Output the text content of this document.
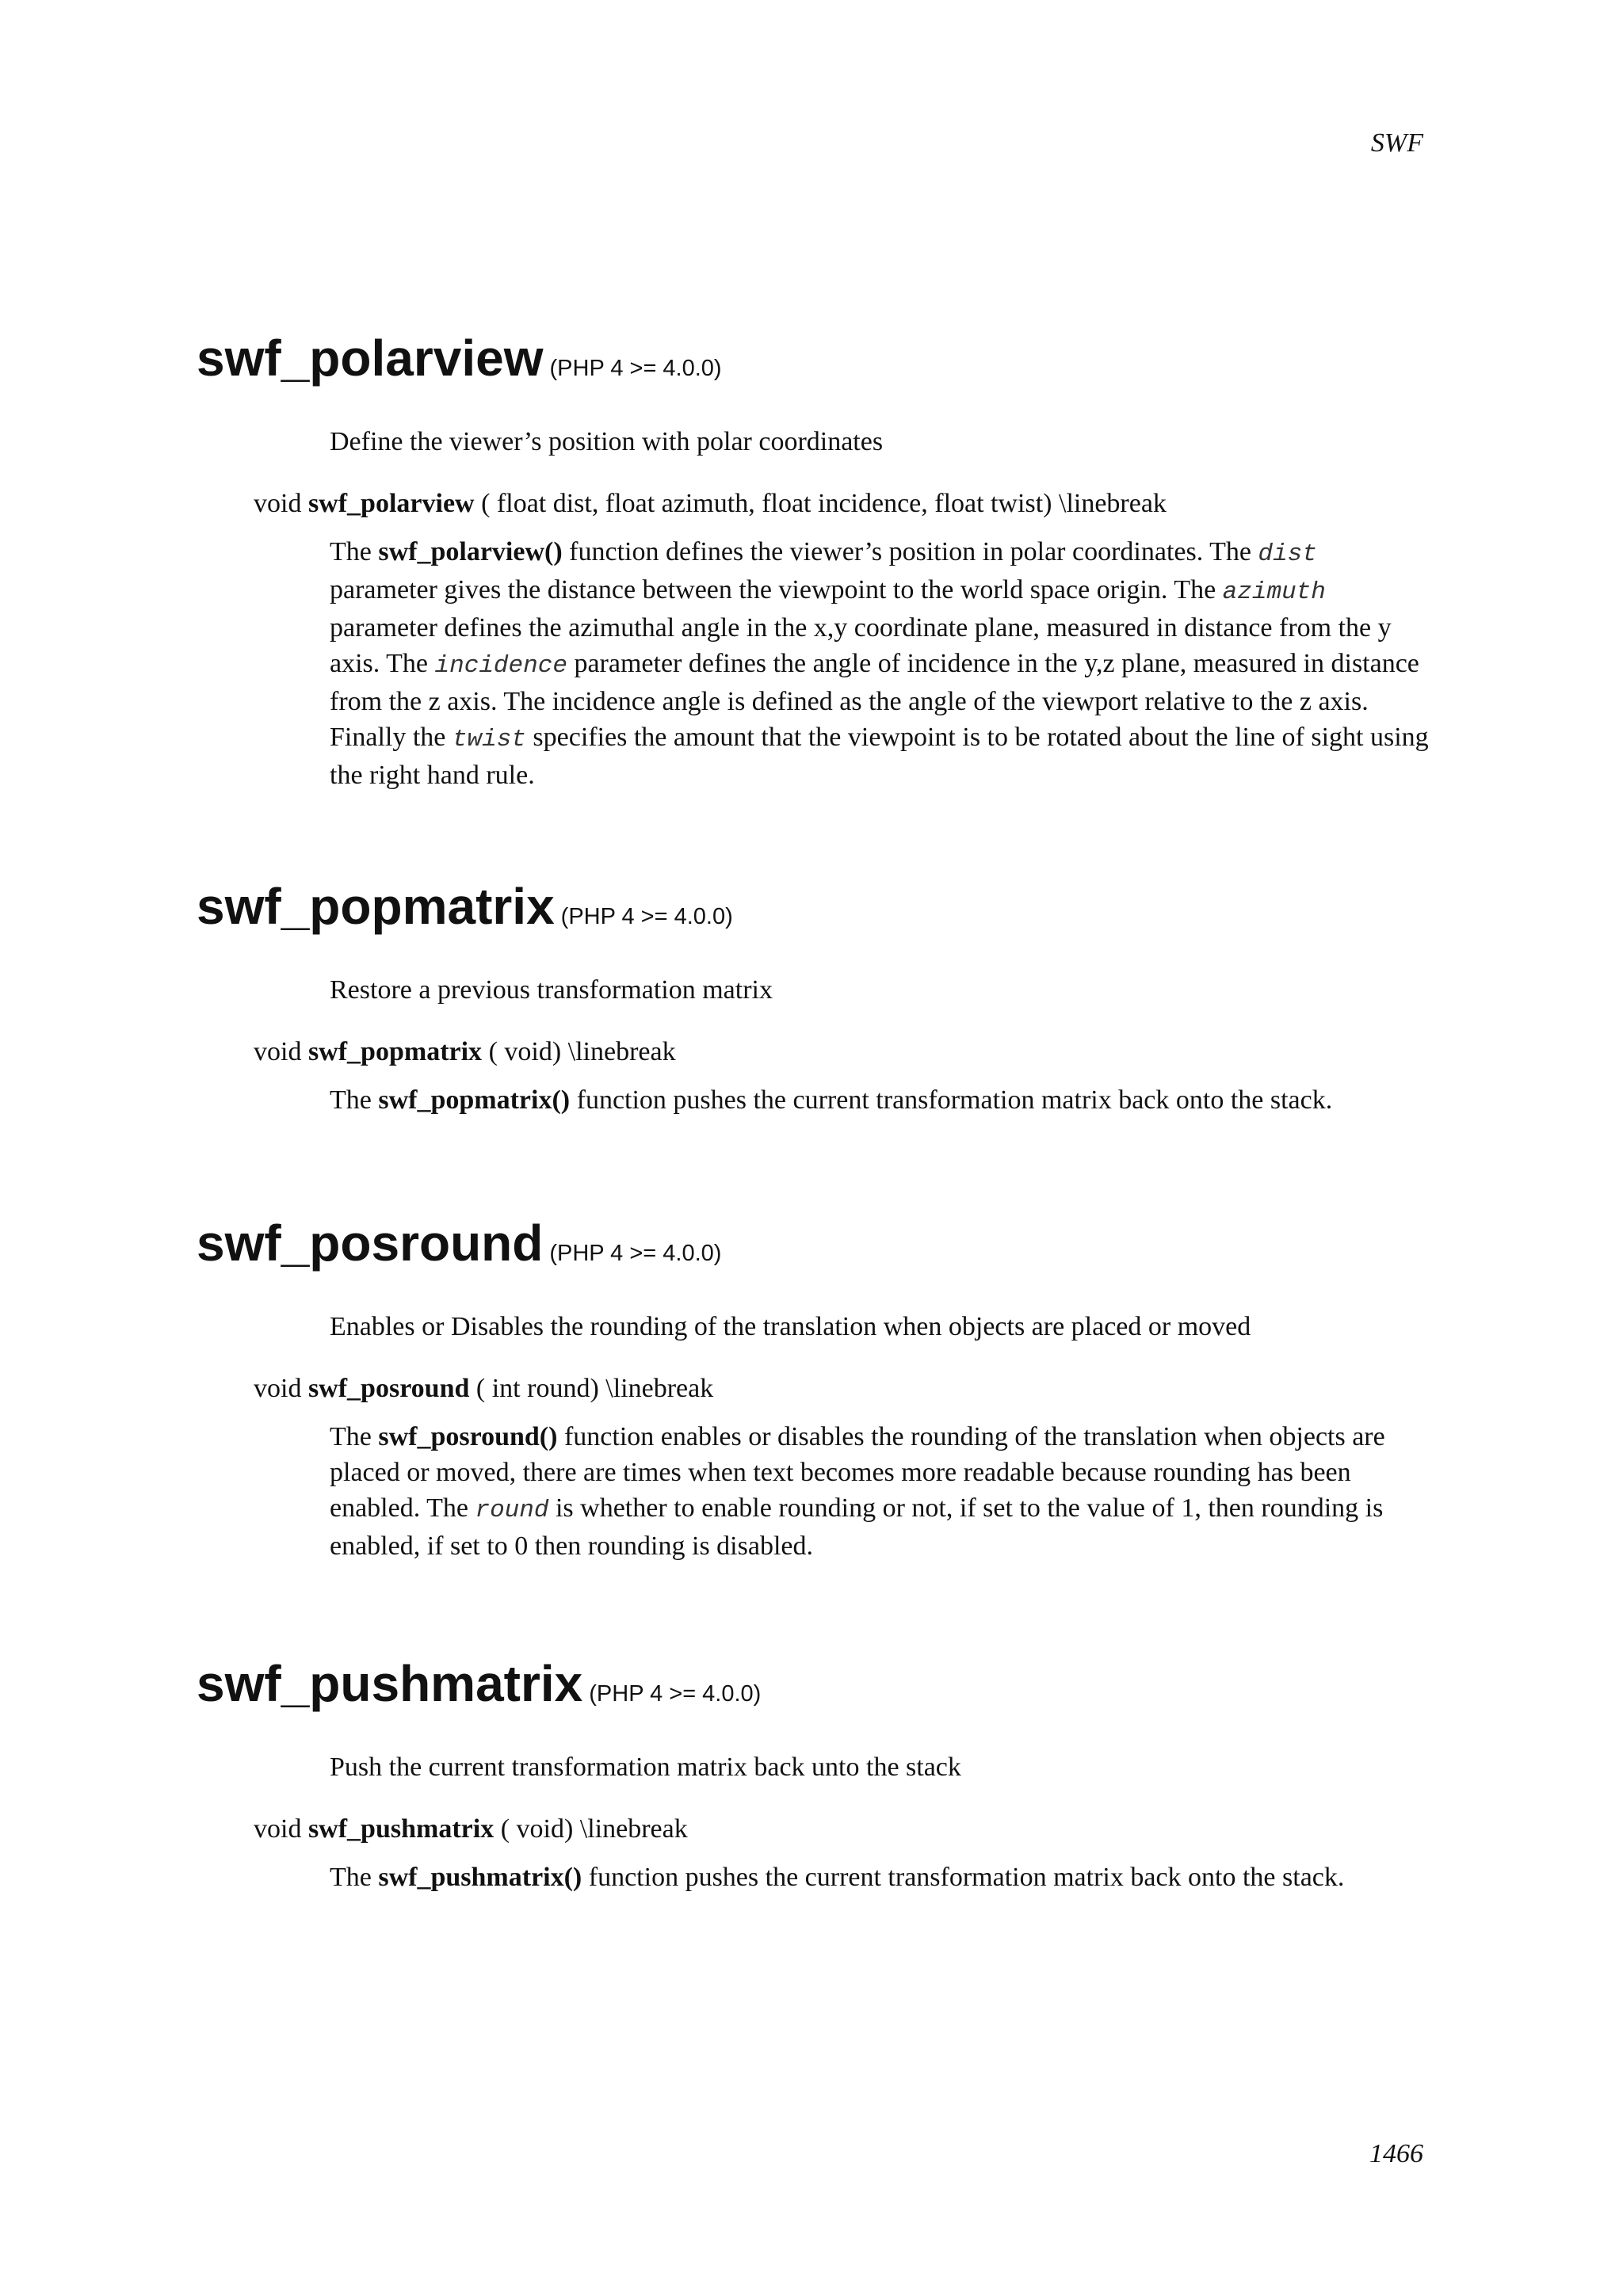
SWF
swf_polarview (PHP 4 >= 4.0.0)
Define the viewer’s position with polar coordinates
void swf_polarview ( float dist, float azimuth, float incidence, float twist) \linebreak
The swf_polarview() function defines the viewer’s position in polar coordinates. The dist parameter gives the distance between the viewpoint to the world space origin. The azimuth parameter defines the azimuthal angle in the x,y coordinate plane, measured in distance from the y axis. The incidence parameter defines the angle of incidence in the y,z plane, measured in distance from the z axis. The incidence angle is defined as the angle of the viewport relative to the z axis. Finally the twist specifies the amount that the viewpoint is to be rotated about the line of sight using the right hand rule.
swf_popmatrix (PHP 4 >= 4.0.0)
Restore a previous transformation matrix
void swf_popmatrix ( void) \linebreak
The swf_popmatrix() function pushes the current transformation matrix back onto the stack.
swf_posround (PHP 4 >= 4.0.0)
Enables or Disables the rounding of the translation when objects are placed or moved
void swf_posround ( int round) \linebreak
The swf_posround() function enables or disables the rounding of the translation when objects are placed or moved, there are times when text becomes more readable because rounding has been enabled. The round is whether to enable rounding or not, if set to the value of 1, then rounding is enabled, if set to 0 then rounding is disabled.
swf_pushmatrix (PHP 4 >= 4.0.0)
Push the current transformation matrix back unto the stack
void swf_pushmatrix ( void) \linebreak
The swf_pushmatrix() function pushes the current transformation matrix back onto the stack.
1466
